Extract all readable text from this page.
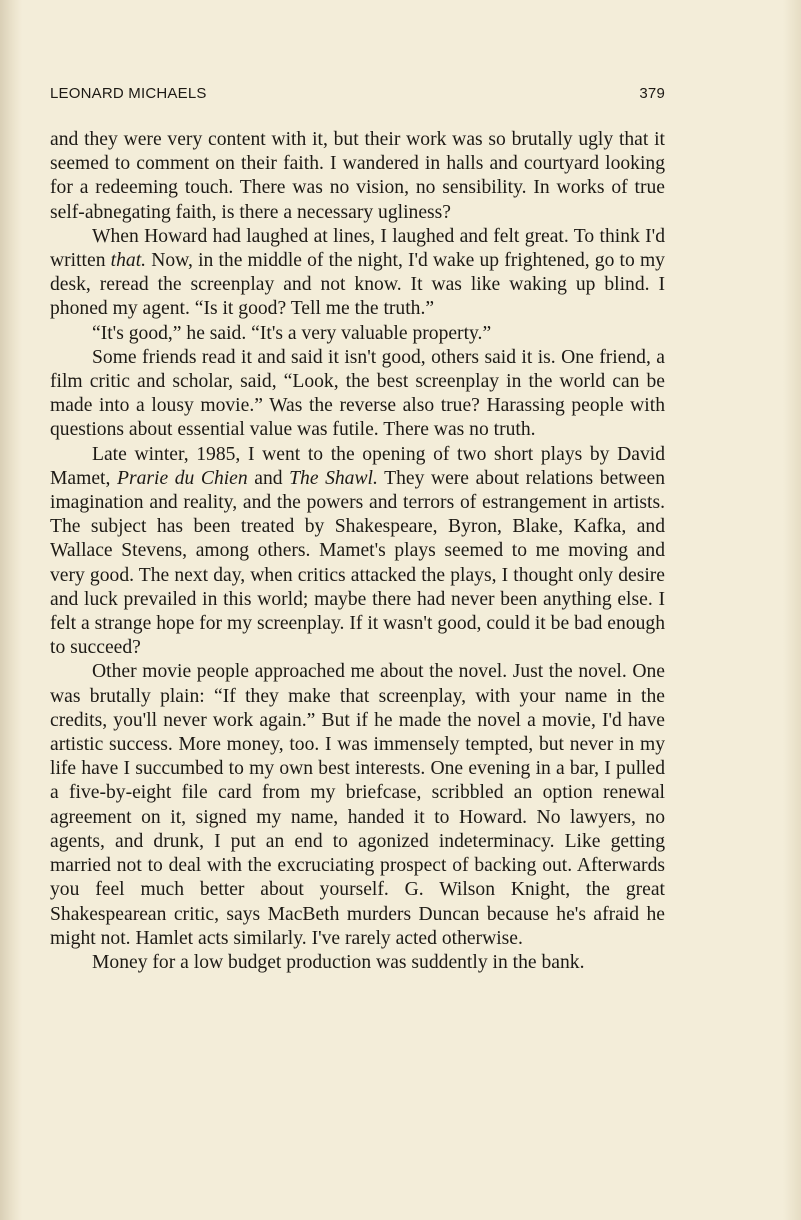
LEONARD MICHAELS	379

and they were very content with it, but their work was so brutally ugly that it seemed to comment on their faith. I wandered in halls and courtyard looking for a redeeming touch. There was no vision, no sensibility. In works of true self-abnegating faith, is there a necessary ugliness?

When Howard had laughed at lines, I laughed and felt great. To think I'd written that. Now, in the middle of the night, I'd wake up frightened, go to my desk, reread the screenplay and not know. It was like waking up blind. I phoned my agent. “Is it good? Tell me the truth.”

“It's good,” he said. “It's a very valuable property.”

Some friends read it and said it isn't good, others said it is. One friend, a film critic and scholar, said, “Look, the best screenplay in the world can be made into a lousy movie.” Was the reverse also true? Harassing people with questions about essential value was futile. There was no truth.

Late winter, 1985, I went to the opening of two short plays by David Mamet, Prarie du Chien and The Shawl. They were about relations between imagination and reality, and the powers and terrors of estrangement in artists. The subject has been treated by Shakespeare, Byron, Blake, Kafka, and Wallace Stevens, among others. Mamet's plays seemed to me moving and very good. The next day, when critics attacked the plays, I thought only desire and luck prevailed in this world; maybe there had never been anything else. I felt a strange hope for my screenplay. If it wasn't good, could it be bad enough to succeed?

Other movie people approached me about the novel. Just the novel. One was brutally plain: “If they make that screenplay, with your name in the credits, you'll never work again.” But if he made the novel a movie, I'd have artistic success. More money, too. I was immensely tempted, but never in my life have I succumbed to my own best interests. One evening in a bar, I pulled a five-by-eight file card from my briefcase, scribbled an option renewal agreement on it, signed my name, handed it to Howard. No lawyers, no agents, and drunk, I put an end to agonized indeterminacy. Like getting married not to deal with the excruciating prospect of backing out. Afterwards you feel much better about yourself. G. Wilson Knight, the great Shakespearean critic, says MacBeth murders Duncan because he's afraid he might not. Hamlet acts similarly. I've rarely acted otherwise.

Money for a low budget production was suddently in the bank.
